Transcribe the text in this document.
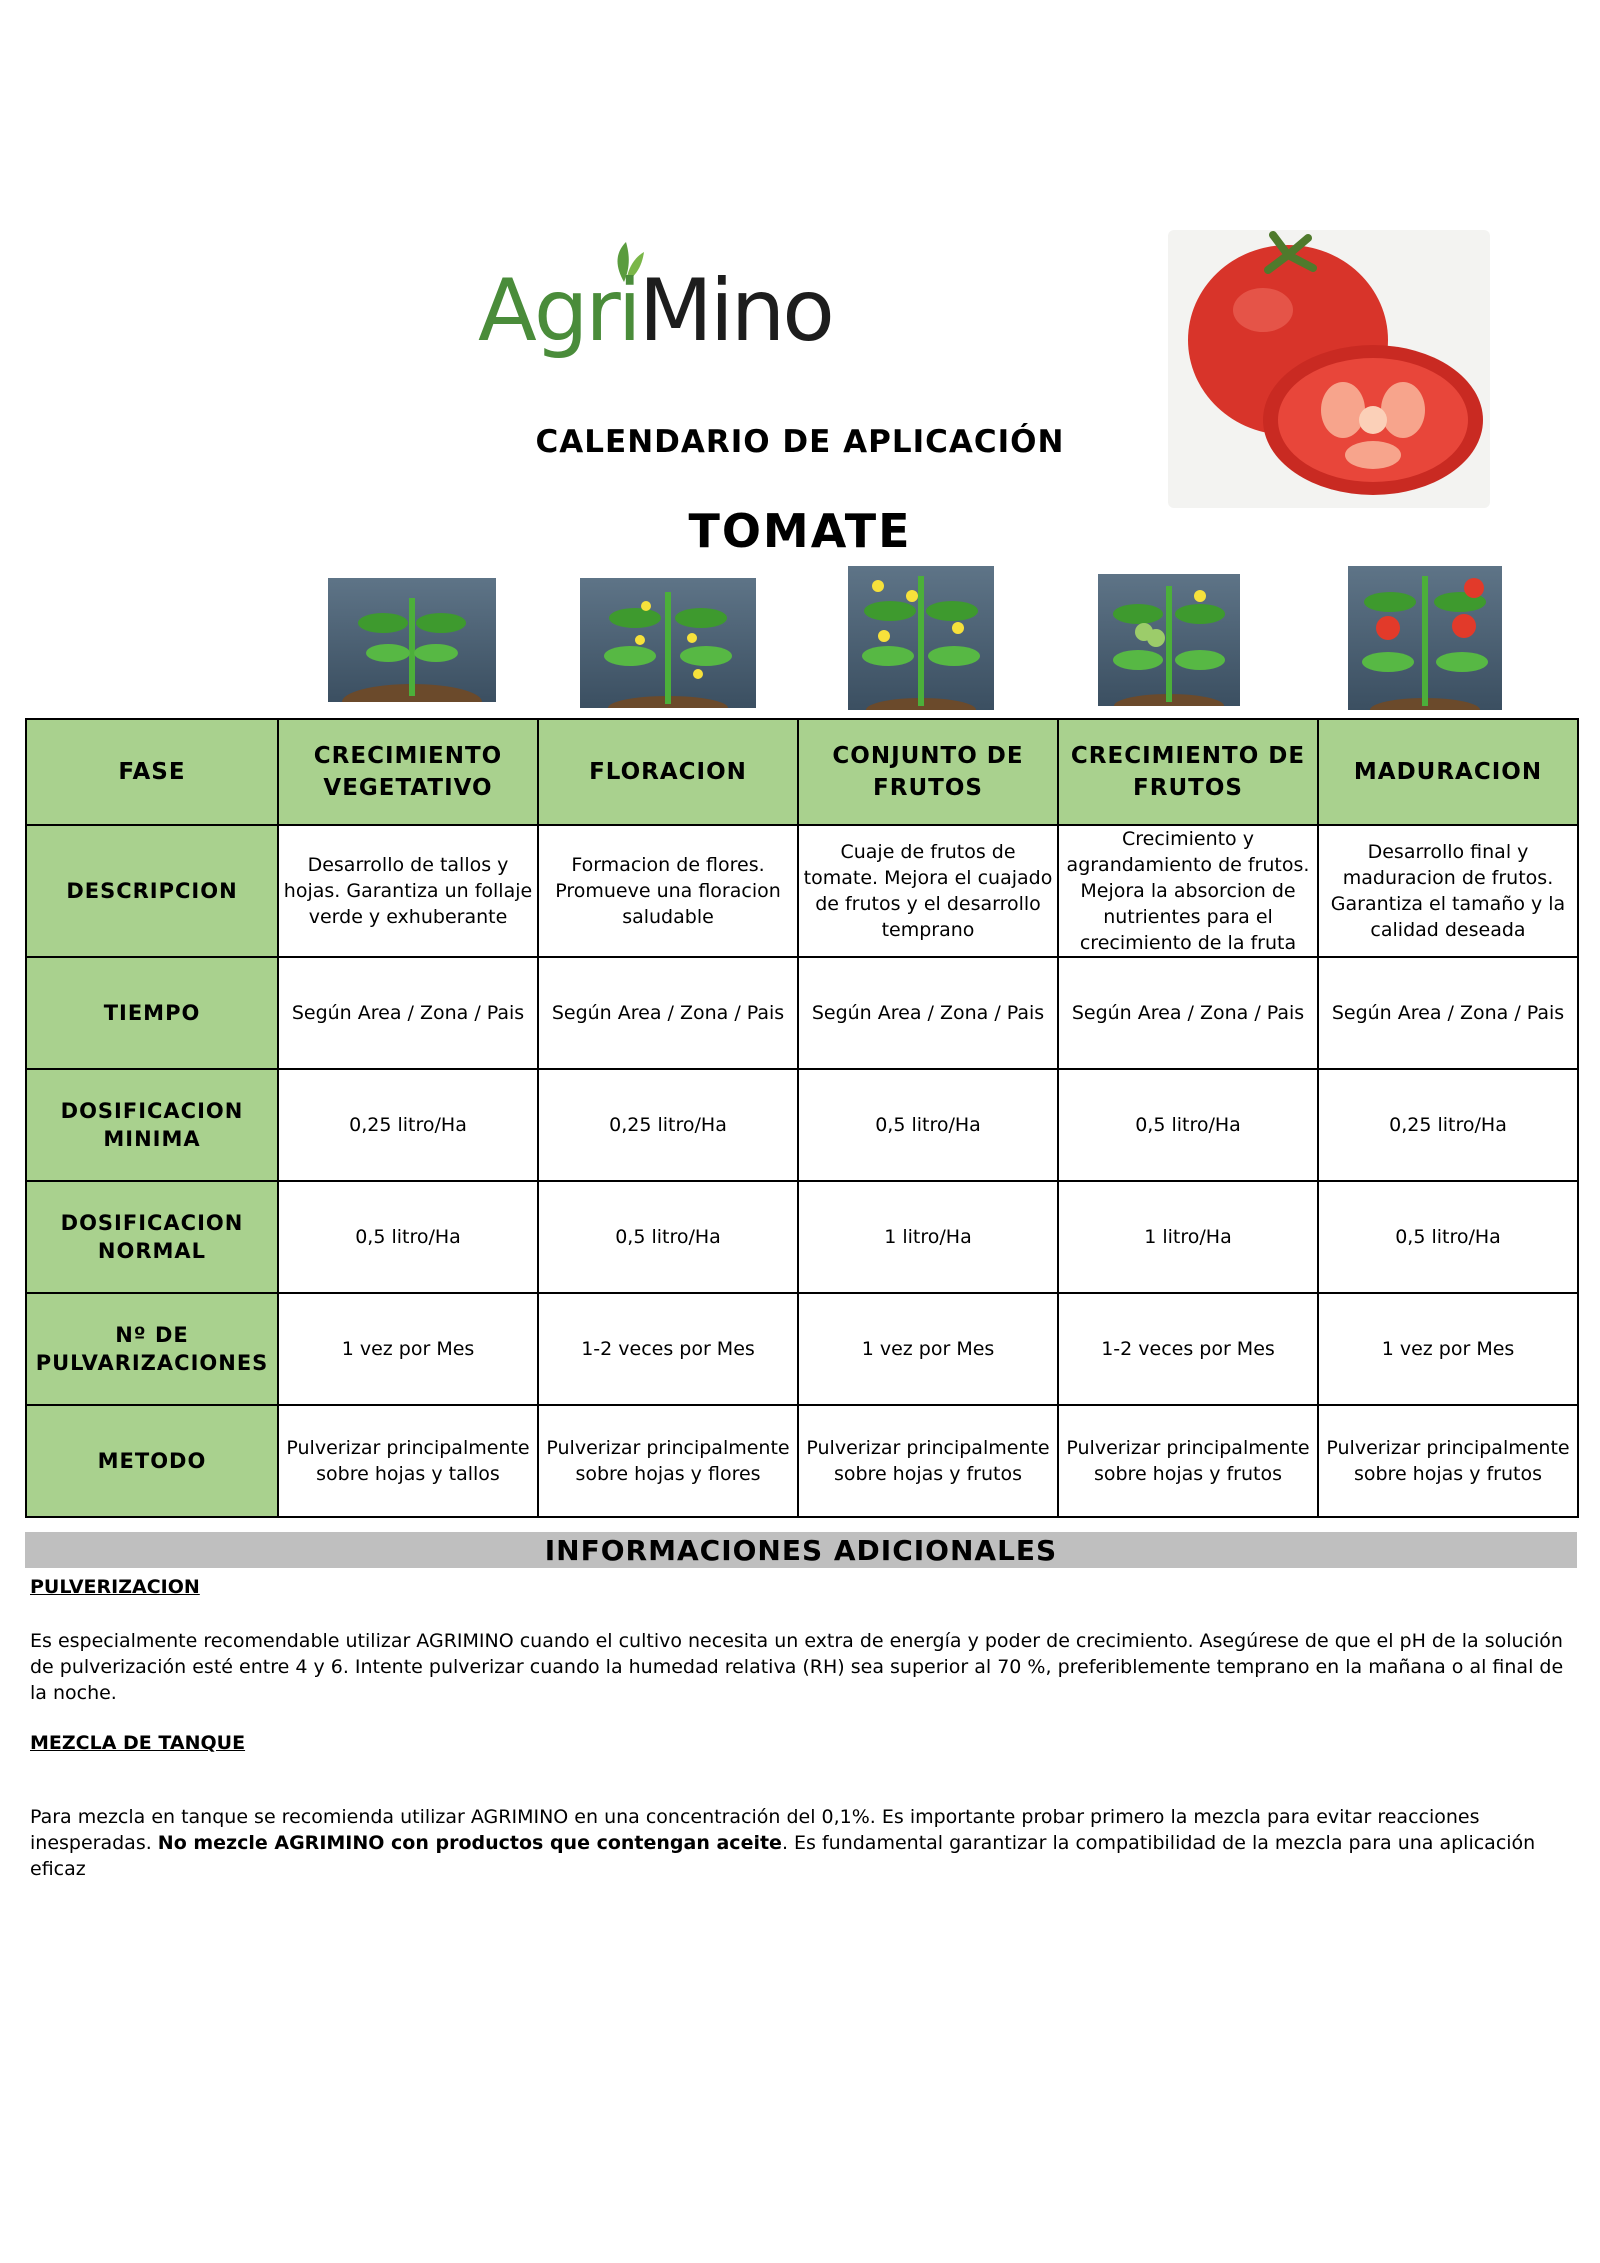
AgriMino
CALENDARIO DE APLICACIÓN
TOMATE
FASE	CRECIMIENTO VEGETATIVO	FLORACION	CONJUNTO DE FRUTOS	CRECIMIENTO DE FRUTOS	MADURACION
DESCRIPCION	Desarrollo de tallos y hojas. Garantiza un follaje verde y exhuberante	Formacion de flores. Promueve una floracion saludable	Cuaje de frutos de tomate. Mejora el cuajado de frutos y el desarrollo temprano	Crecimiento y agrandamiento de frutos. Mejora la absorcion de nutrientes para el crecimiento de la fruta	Desarrollo final y maduracion de frutos. Garantiza el tamaño y la calidad deseada
TIEMPO	Según Area / Zona / Pais	Según Area / Zona / Pais	Según Area / Zona / Pais	Según Area / Zona / Pais	Según Area / Zona / Pais
DOSIFICACION MINIMA	0,25 litro/Ha	0,25 litro/Ha	0,5 litro/Ha	0,5 litro/Ha	0,25 litro/Ha
DOSIFICACION NORMAL	0,5 litro/Ha	0,5 litro/Ha	1 litro/Ha	1 litro/Ha	0,5 litro/Ha
Nº DE PULVARIZACIONES	1 vez por Mes	1-2 veces por Mes	1 vez por Mes	1-2 veces por Mes	1 vez por Mes
METODO	Pulverizar principalmente sobre hojas y tallos	Pulverizar principalmente sobre hojas y flores	Pulverizar principalmente sobre hojas y frutos	Pulverizar principalmente sobre hojas y frutos	Pulverizar principalmente sobre hojas y frutos
INFORMACIONES ADICIONALES
PULVERIZACION
Es especialmente recomendable utilizar AGRIMINO cuando el cultivo necesita un extra de energía y poder de crecimiento. Asegúrese de que el pH de la solución de pulverización esté entre 4 y 6. Intente pulverizar cuando la humedad relativa (RH) sea superior al 70 %, preferiblemente temprano en la mañana o al final de la noche.
MEZCLA DE TANQUE
Para mezcla en tanque se recomienda utilizar AGRIMINO en una concentración del 0,1%. Es importante probar primero la mezcla para evitar reacciones inesperadas. No mezcle AGRIMINO con productos que contengan aceite. Es fundamental garantizar la compatibilidad de la mezcla para una aplicación eficaz
